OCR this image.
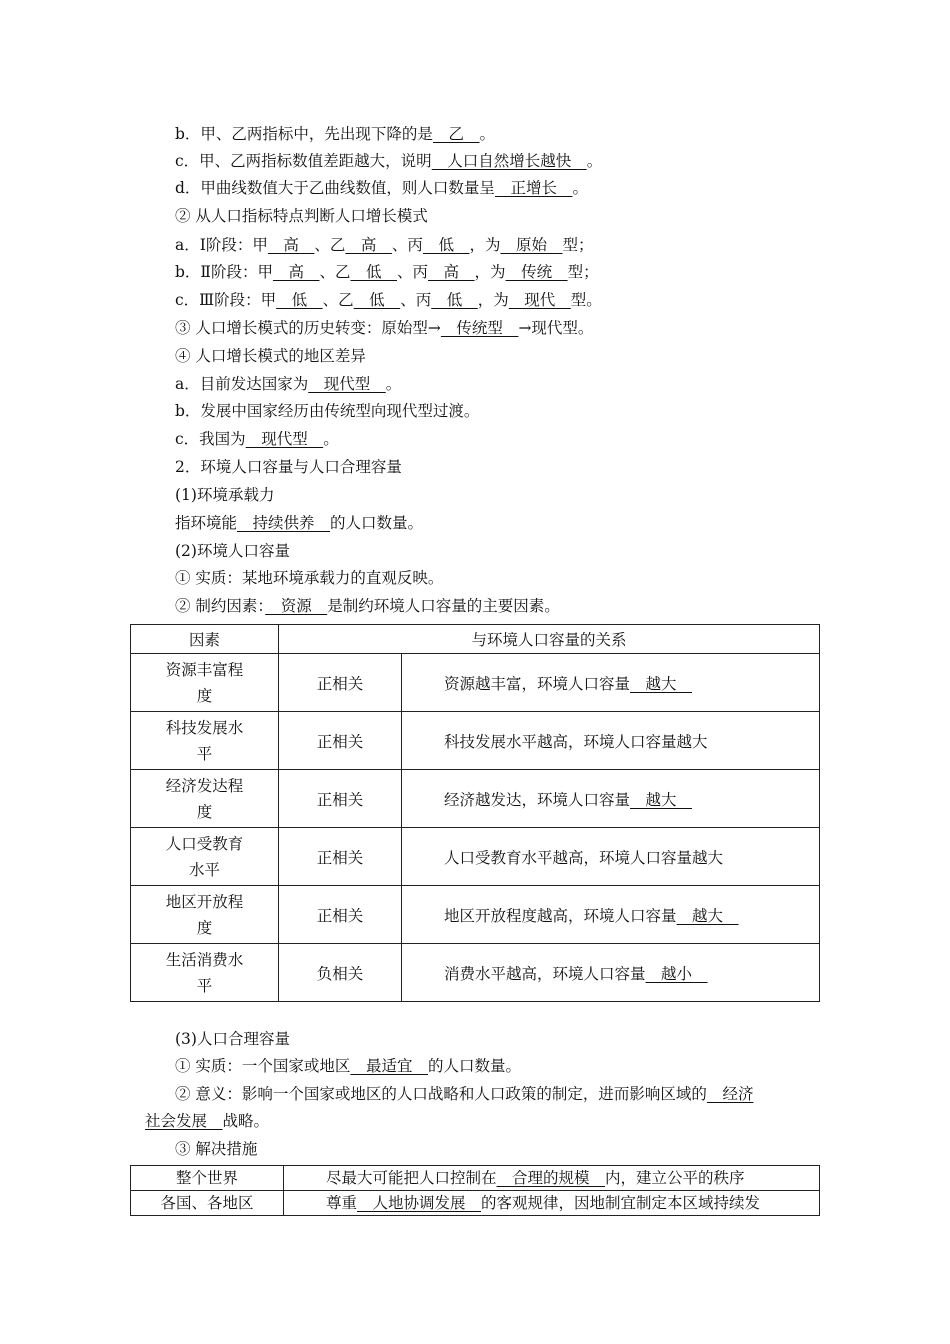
b．甲、乙两指标中，先出现下降的是　乙　。
c．甲、乙两指标数值差距越大，说明　人口自然增长越快　。
d．甲曲线数值大于乙曲线数值，则人口数量呈　正增长　。
② 从人口指标特点判断人口增长模式
a．Ⅰ阶段：甲　高　、乙　高　、丙　低　，为　原始　型；
b．Ⅱ阶段：甲　高　、乙　低　、丙　高　，为　传统　型；
c．Ⅲ阶段：甲　低　、乙　低　、丙　低　，为　现代　型。
③ 人口增长模式的历史转变：原始型→　传统型　→现代型。
④ 人口增长模式的地区差异
a．目前发达国家为　现代型　。
b．发展中国家经历由传统型向现代型过渡。
c．我国为　现代型　。
2．环境人口容量与人口合理容量
(1)环境承载力
指环境能　持续供养　的人口数量。
(2)环境人口容量
① 实质：某地环境承载力的直观反映。
② 制约因素：　资源　是制约环境人口容量的主要因素。
因素	与环境人口容量的关系	

资源丰富程
度	正相关	资源越丰富，环境人口容量　越大　

科技发展水
平	正相关	科技发展水平越高，环境人口容量越大

经济发达程
度	正相关	经济越发达，环境人口容量　越大　

人口受教育
水平	正相关	人口受教育水平越高，环境人口容量越大

地区开放程
度	正相关	地区开放程度越高，环境人口容量　越大　

生活消费水
平	负相关	消费水平越高，环境人口容量　越小　
(3)人口合理容量
① 实质：一个国家或地区　最适宜　的人口数量。
② 意义：影响一个国家或地区的人口战略和人口政策的制定，进而影响区域的　经济
社会发展　战略。
③ 解决措施
整个世界	尽最大可能把人口控制在　合理的规模　内，建立公平的秩序
各国、各地区	尊重　人地协调发展　的客观规律，因地制宜制定本区域持续发
